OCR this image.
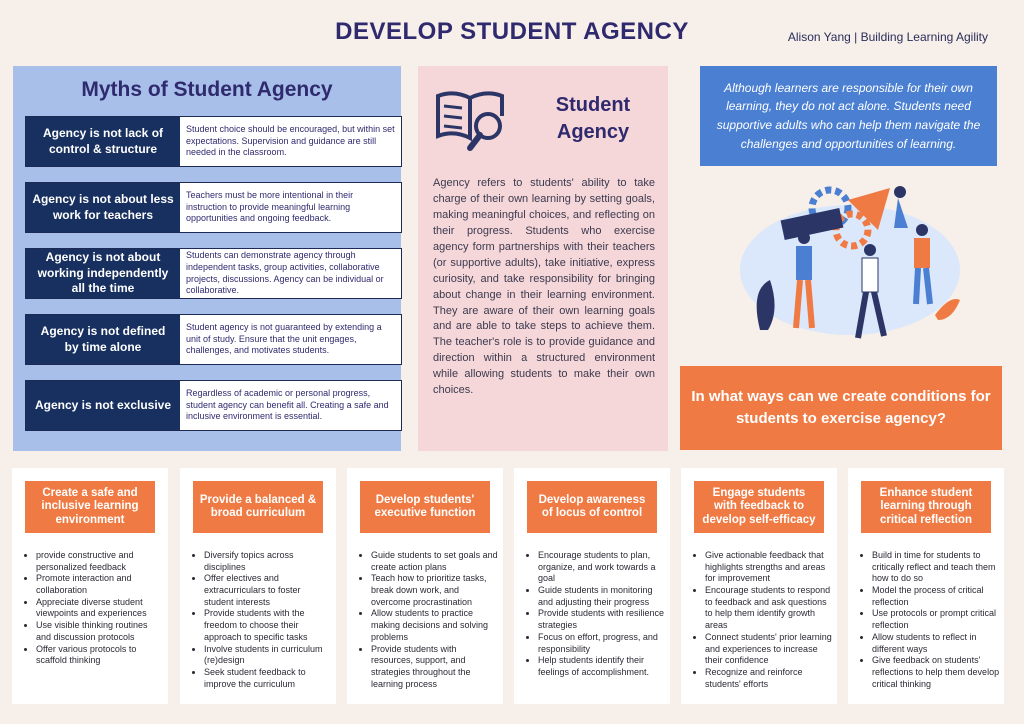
DEVELOP STUDENT AGENCY	Alison Yang | Building Learning Agility
Myths of Student Agency
Agency is not lack of control & structure
Student choice should be encouraged, but within set expectations. Supervision and guidance are still needed in the classroom.
Agency is not about less work for teachers
Teachers must be more intentional in their instruction to provide meaningful learning opportunities and ongoing feedback.
Agency is not about working independently all the time
Students can demonstrate agency through independent tasks, group activities, collaborative projects, discussions. Agency can be individual or collaborative.
Agency is not defined by time alone
Student agency is not guaranteed by extending a unit of study. Ensure that the unit engages, challenges, and motivates students.
Agency is not exclusive
Regardless of academic or personal progress, student agency can benefit all. Creating a safe and inclusive environment is essential.
Student Agency
Agency refers to students' ability to take charge of their own learning by setting goals, making meaningful choices, and reflecting on their progress. Students who exercise agency form partnerships with their teachers (or supportive adults), take initiative, express curiosity, and take responsibility for bringing about change in their learning environment. They are aware of their own learning goals and are able to take steps to achieve them. The teacher's role is to provide guidance and direction within a structured environment while allowing students to make their own choices.
Although learners are responsible for their own learning, they do not act alone. Students need supportive adults who can help them navigate the challenges and opportunities of learning.
In what ways can we create conditions for students to exercise agency?
Create a safe and inclusive learning environment
• provide constructive and personalized feedback
• Promote interaction and collaboration
• Appreciate diverse student viewpoints and experiences
• Use visible thinking routines and discussion protocols
• Offer various protocols to scaffold thinking
Provide a balanced & broad curriculum
• Diversify topics across disciplines
• Offer electives and extracurriculars to foster student interests
• Provide students with the freedom to choose their approach to specific tasks
• Involve students in curriculum (re)design
• Seek student feedback to improve the curriculum
Develop students' executive function
• Guide students to set goals and create action plans
• Teach how to prioritize tasks, break down work, and overcome procrastination
• Allow students to practice making decisions and solving problems
• Provide students with resources, support, and strategies throughout the learning process
Develop awareness of locus of control
• Encourage students to plan, organize, and work towards a goal
• Guide students in monitoring and adjusting their progress
• Provide students with resilience strategies
• Focus on effort, progress, and responsibility
• Help students identify their feelings of accomplishment.
Engage students with feedback to develop self-efficacy
• Give actionable feedback that highlights strengths and areas for improvement
• Encourage students to respond to feedback and ask questions to help them identify growth areas
• Connect students' prior learning and experiences to increase their confidence
• Recognize and reinforce students' efforts
Enhance student learning through critical reflection
• Build in time for students to critically reflect and teach them how to do so
• Model the process of critical reflection
• Use protocols or prompt critical reflection
• Allow students to reflect in different ways
• Give feedback on students' reflections to help them develop critical thinking
